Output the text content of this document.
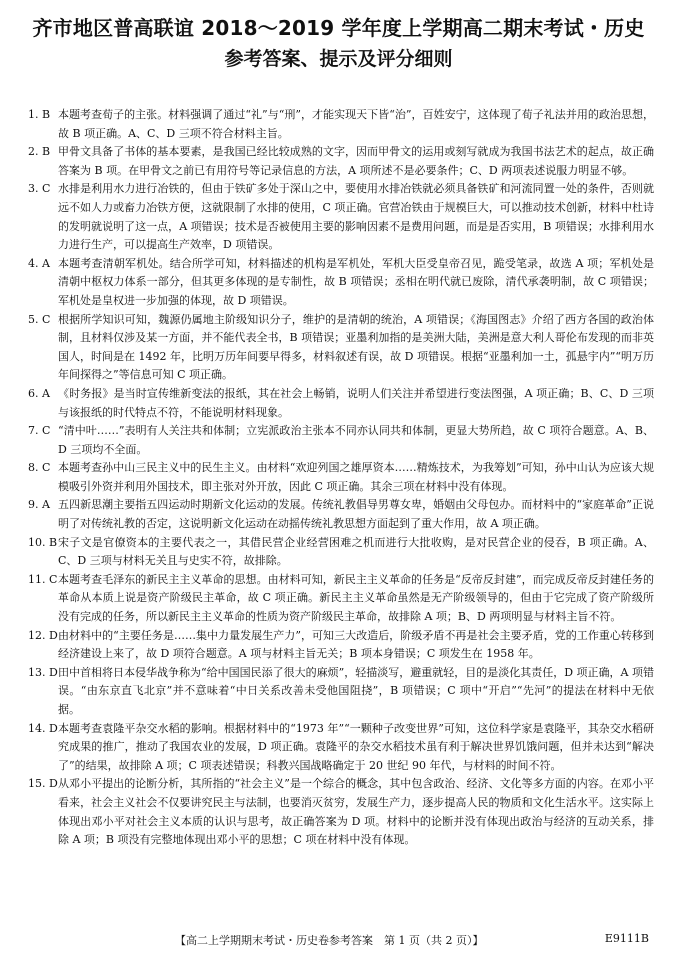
齐市地区普高联谊 2018～2019 学年度上学期高二期末考试・历史
参考答案、提示及评分细则
1. B 本题考查荀子的主张。材料强调了通过“礼”与“刑”，才能实现天下皆“治”，百姓安宁，这体现了荀子礼法并用的政治思想，故 B 项正确。A、C、D 三项不符合材料主旨。
2. B 甲骨文具备了书体的基本要素，是我国已经比较成熟的文字，因而甲骨文的运用或刻写就成为我国书法艺术的起点，故正确答案为 B 项。在甲骨文之前已有用符号等记录信息的方法，A 项所述不是必要条件；C、D 两项表述说服力明显不够。
3. C 水排是利用水力进行冶铁的，但由于铁矿多处于深山之中，要使用水排冶铁就必须具备铁矿和河流同置一处的条件，否则就远不如人力或畜力冶铁方便，这就限制了水排的使用，C 项正确。官营冶铁由于规模巨大，可以推动技术创新，材料中杜诗的发明就说明了这一点，A 项错误；技术是否被使用主要的影响因素不是费用问题，而是是否实用，B 项错误；水排利用水力进行生产，可以提高生产效率，D 项错误。
4. A 本题考查清朝军机处。结合所学可知，材料描述的机构是军机处，军机大臣受皇帝召见，跪受笔录，故选 A 项；军机处是清朝中枢权力体系一部分，但其更多体现的是专制性，故 B 项错误；丞相在明代就已废除，清代承袭明制，故 C 项错误；军机处是皇权进一步加强的体现，故 D 项错误。
5. C 根据所学知识可知，魏源仍属地主阶级知识分子，维护的是清朝的统治，A 项错误；《海国图志》介绍了西方各国的政治体制，且材料仅涉及某一方面，并不能代表全书，B 项错误；亚墨利加指的是美洲大陆，美洲是意大利人哥伦布发现的而非英国人，时间是在 1492 年，比明万历年间要早得多，材料叙述有误，故 D 项错误。根据“亚墨利加一土，孤悬宇内”“明万历年间探得之”等信息可知 C 项正确。
6. A 《时务报》是当时宣传维新变法的报纸，其在社会上畅销，说明人们关注并希望进行变法图强，A 项正确；B、C、D 三项与该报纸的时代特点不符，不能说明材料现象。
7. C “清中叶……”表明有人关注共和体制；立宪派政治主张本不同亦认同共和体制，更显大势所趋，故 C 项符合题意。A、B、D 三项均不全面。
8. C 本题考查孙中山三民主义中的民生主义。由材料“欢迎列国之雄厚资本……精炼技术，为我筹划”可知，孙中山认为应该大规模吸引外资并利用外国技术，即主张对外开放，因此 C 项正确。其余三项在材料中没有体现。
9. A 五四新思潮主要指五四运动时期新文化运动的发展。传统礼教倡导男尊女卑，婚姻由父母包办。而材料中的“家庭革命”正说明了对传统礼教的否定，这说明新文化运动在动摇传统礼教思想方面起到了重大作用，故 A 项正确。
10. B 宋子文是官僚资本的主要代表之一，其借民营企业经营困难之机而进行大批收购，是对民营企业的侵吞，B 项正确。A、C、D 三项与材料无关且与史实不符，故排除。
11. C 本题考查毛泽东的新民主主义革命的思想。由材料可知，新民主主义革命的任务是“反帝反封建”，而完成反帝反封建任务的革命从本质上说是资产阶级民主革命，故 C 项正确。新民主主义革命虽然是无产阶级领导的，但由于它完成了资产阶级所没有完成的任务，所以新民主主义革命的性质为资产阶级民主革命，故排除 A 项；B、D 两项明显与材料主旨不符。
12. D 由材料中的“主要任务是……集中力量发展生产力”，可知三大改造后，阶级矛盾不再是社会主要矛盾，党的工作重心转移到经济建设上来了，故 D 项符合题意。A 项与材料主旨无关；B 项本身错误；C 项发生在 1958 年。
13. D 田中首相将日本侵华战争称为“给中国国民添了很大的麻烦”，轻描淡写，避重就轻，目的是淡化其责任，D 项正确，A 项错误。“由东京直飞北京”并不意味着“中日关系改善未受他国阻挠”，B 项错误；C 项中“开启”“先河”的提法在材料中无依据。
14. D 本题考查袁隆平杂交水稻的影响。根据材料中的“1973 年”“一颗种子改变世界”可知，这位科学家是袁隆平，其杂交水稻研究成果的推广，推动了我国农业的发展，D 项正确。袁隆平的杂交水稻技术虽有利于解决世界饥饿问题，但并未达到“解决了”的结果，故排除 A 项；C 项表述错误；科教兴国战略确定于 20 世纪 90 年代，与材料的时间不符。
15. D 从邓小平提出的论断分析，其所指的“社会主义”是一个综合的概念，其中包含政治、经济、文化等多方面的内容。在邓小平看来，社会主义社会不仅要讲究民主与法制，也要消灭贫穷，发展生产力，逐步提高人民的物质和文化生活水平。这实际上体现出邓小平对社会主义本质的认识与思考，故正确答案为 D 项。材料中的论断并没有体现出政治与经济的互动关系，排除 A 项；B 项没有完整地体现出邓小平的思想；C 项在材料中没有体现。
【高二上学期期末考试・历史卷参考答案　第 1 页（共 2 页）】	E9111B
